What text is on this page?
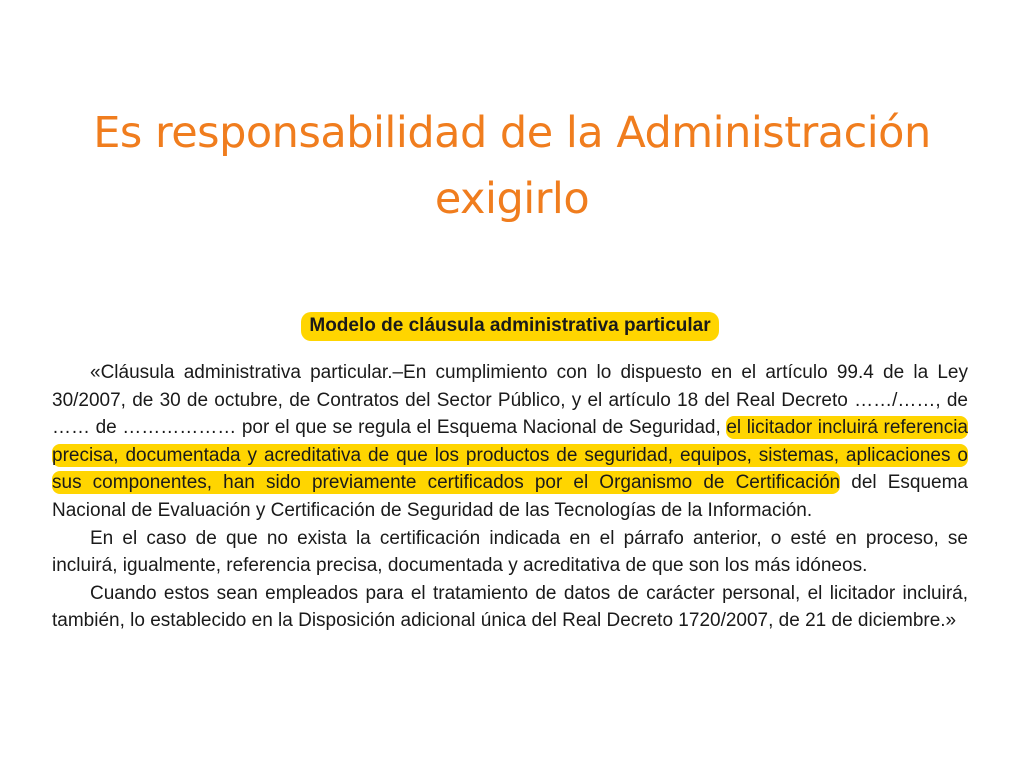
Es responsabilidad de la Administración exigirlo
Modelo de cláusula administrativa particular

«Cláusula administrativa particular.–En cumplimiento con lo dispuesto en el artículo 99.4 de la Ley 30/2007, de 30 de octubre, de Contratos del Sector Público, y el artículo 18 del Real Decreto ……/……, de …… de ……………… por el que se regula el Esquema Nacional de Seguridad, el licitador incluirá referencia precisa, documentada y acreditativa de que los productos de seguridad, equipos, sistemas, aplicaciones o sus componentes, han sido previamente certificados por el Organismo de Certificación del Esquema Nacional de Evaluación y Certificación de Seguridad de las Tecnologías de la Información.

En el caso de que no exista la certificación indicada en el párrafo anterior, o esté en proceso, se incluirá, igualmente, referencia precisa, documentada y acreditativa de que son los más idóneos.

Cuando estos sean empleados para el tratamiento de datos de carácter personal, el licitador incluirá, también, lo establecido en la Disposición adicional única del Real Decreto 1720/2007, de 21 de diciembre.»
